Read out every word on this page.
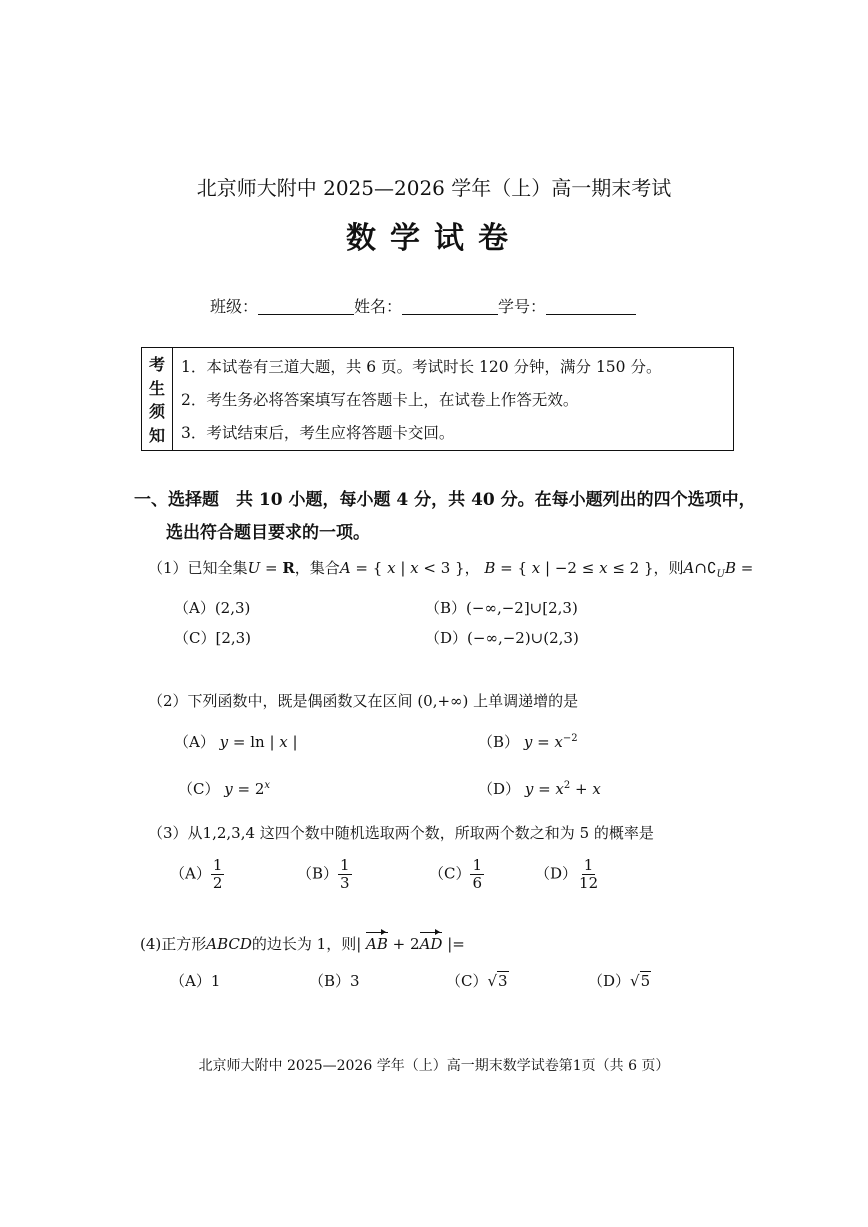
北京师大附中 2025—2026 学年（上）高一期末考试
数学试卷
班级：	姓名：	学号：
考
生
须
知
1．本试卷有三道大题，共 6 页。考试时长 120 分钟，满分 150 分。
2．考生务必将答案填写在答题卡上，在试卷上作答无效。
3．考试结束后，考生应将答题卡交回。
一、选择题　共 10 小题，每小题 4 分，共 40 分。在每小题列出的四个选项中，
选出符合题目要求的一项。
（1）已知全集U = R，集合A = { x | x < 3 }， B = { x | −2 ≤ x ≤ 2 }，则$A\cap∁_UB$ =
（A）(2,3)	（B）(−∞,−2]∪[2,3)
（C）[2,3)	（D）(−∞,−2)∪(2,3)
（2）下列函数中，既是偶函数又在区间 (0,+∞) 上单调递增的是
（A） y = ln | x |	（B） $y = x^{-2}$
（C） $y = 2^x$	（D） $y = x^2 + x$
（3）从1,2,3,4 这四个数中随机选取两个数，所取两个数之和为 5 的概率是
$(A) \frac{1}{2}$	$(B) \frac{1}{3}$	$(C) \frac{1}{6}$	$(D) \frac{1}{12}$
(4)正方形ABCD的边长为 1，则| AB + 2AD |=
（A）1	（B）3	（C）√3	（D）√5
北京师大附中 2025—2026 学年（上）高一期末数学试卷第1页（共 6 页）
